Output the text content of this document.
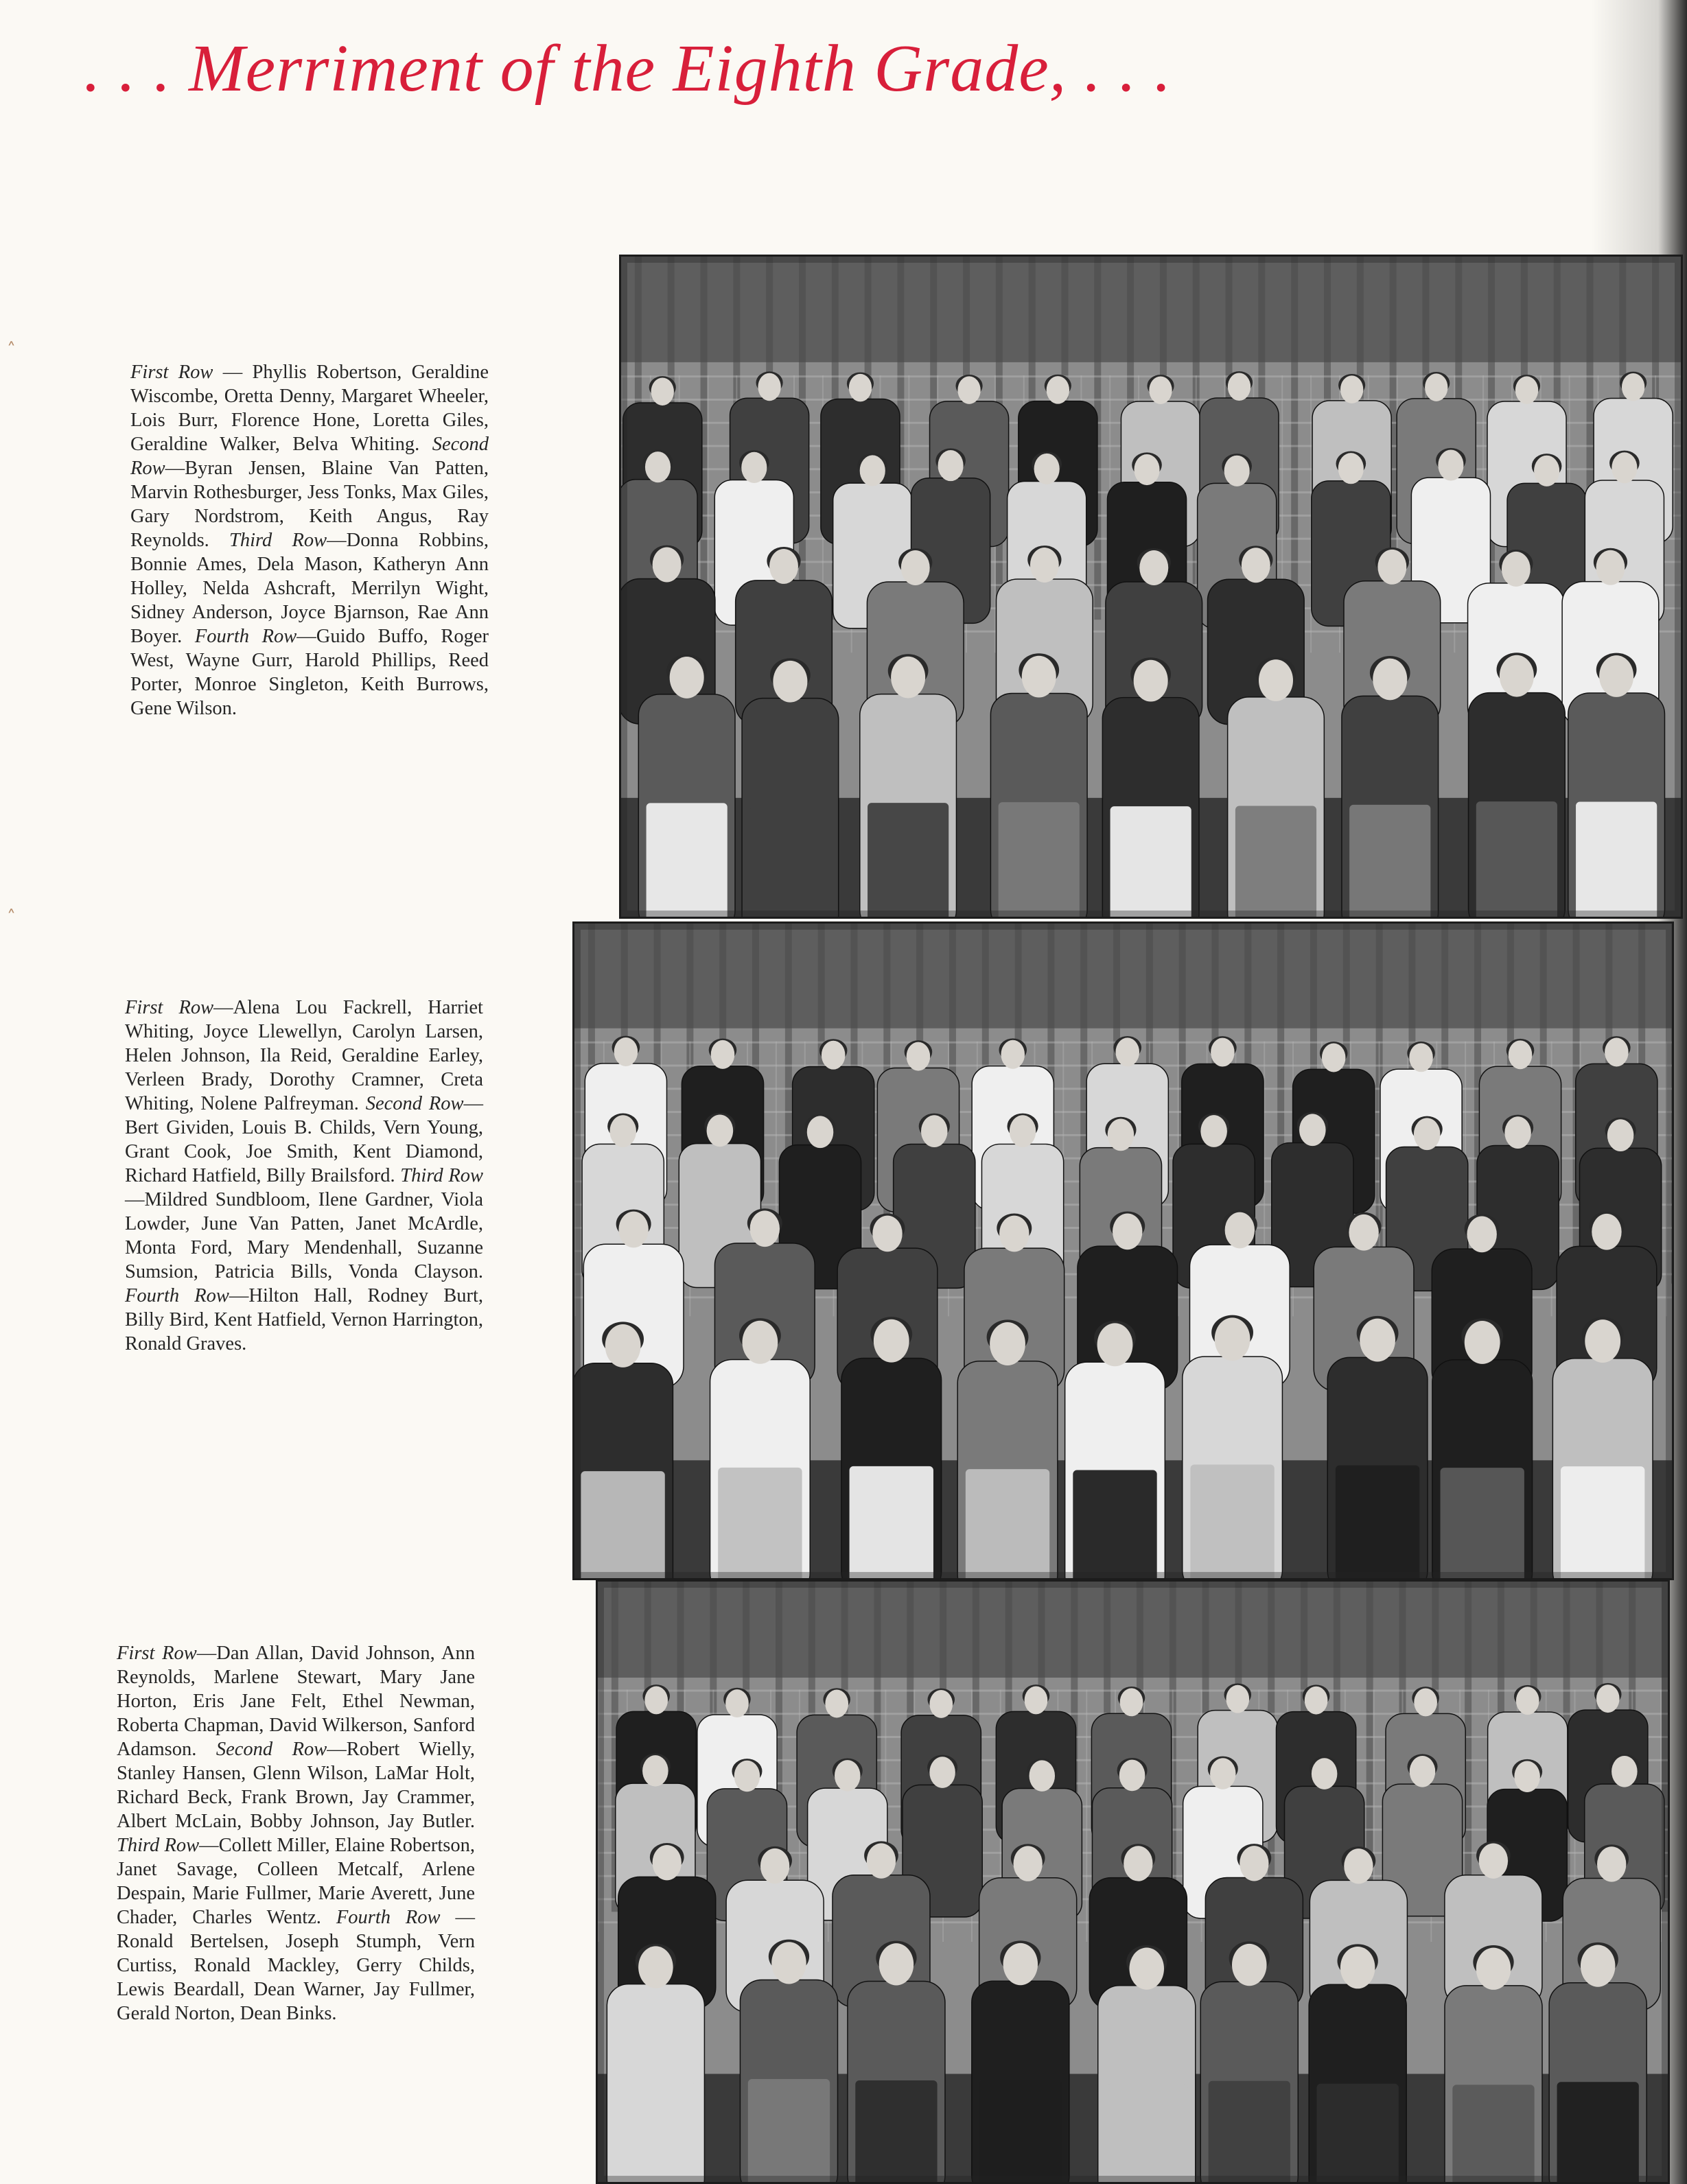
˄
˄
. . . Merriment of the Eighth Grade, . . .
First Row — Phyllis Robertson, Geraldine Wiscombe, Oretta Denny, Margaret Wheeler, Lois Burr, Florence Hone, Loretta Giles, Geraldine Walker, Belva Whiting. Second Row—Byran Jensen, Blaine Van Patten, Marvin Rothesburger, Jess Tonks, Max Giles, Gary Nordstrom, Keith Angus, Ray Reynolds. Third Row—Donna Robbins, Bonnie Ames, Dela Mason, Katheryn Ann Holley, Nelda Ashcraft, Merrilyn Wight, Sidney Anderson, Joyce Bjarnson, Rae Ann Boyer. Fourth Row—Guido Buffo, Roger West, Wayne Gurr, Harold Phillips, Reed Porter, Monroe Singleton, Keith Burrows, Gene Wilson.
First Row—Alena Lou Fackrell, Harriet Whiting, Joyce Llewellyn, Carolyn Larsen, Helen Johnson, Ila Reid, Geraldine Earley, Verleen Brady, Dorothy Cramner, Creta Whiting, Nolene Palfreyman. Second Row—Bert Gividen, Louis B. Childs, Vern Young, Grant Cook, Joe Smith, Kent Diamond, Richard Hatfield, Billy Brailsford. Third Row—Mildred Sundbloom, Ilene Gardner, Viola Lowder, June Van Patten, Janet McArdle, Monta Ford, Mary Mendenhall, Suzanne Sumsion, Patricia Bills, Vonda Clayson. Fourth Row—Hilton Hall, Rodney Burt, Billy Bird, Kent Hatfield, Vernon Harrington, Ronald Graves.
First Row—Dan Allan, David Johnson, Ann Reynolds, Marlene Stewart, Mary Jane Horton, Eris Jane Felt, Ethel Newman, Roberta Chapman, David Wilkerson, Sanford Adamson. Second Row—Robert Wielly, Stanley Hansen, Glenn Wilson, LaMar Holt, Richard Beck, Frank Brown, Jay Crammer, Albert McLain, Bobby Johnson, Jay Butler. Third Row—Collett Miller, Elaine Robertson, Janet Savage, Colleen Metcalf, Arlene Despain, Marie Fullmer, Marie Averett, June Chader, Charles Wentz. Fourth Row — Ronald Bertelsen, Joseph Stumph, Vern Curtiss, Ronald Mackley, Gerry Childs, Lewis Beardall, Dean Warner, Jay Fullmer, Gerald Norton, Dean Binks.
